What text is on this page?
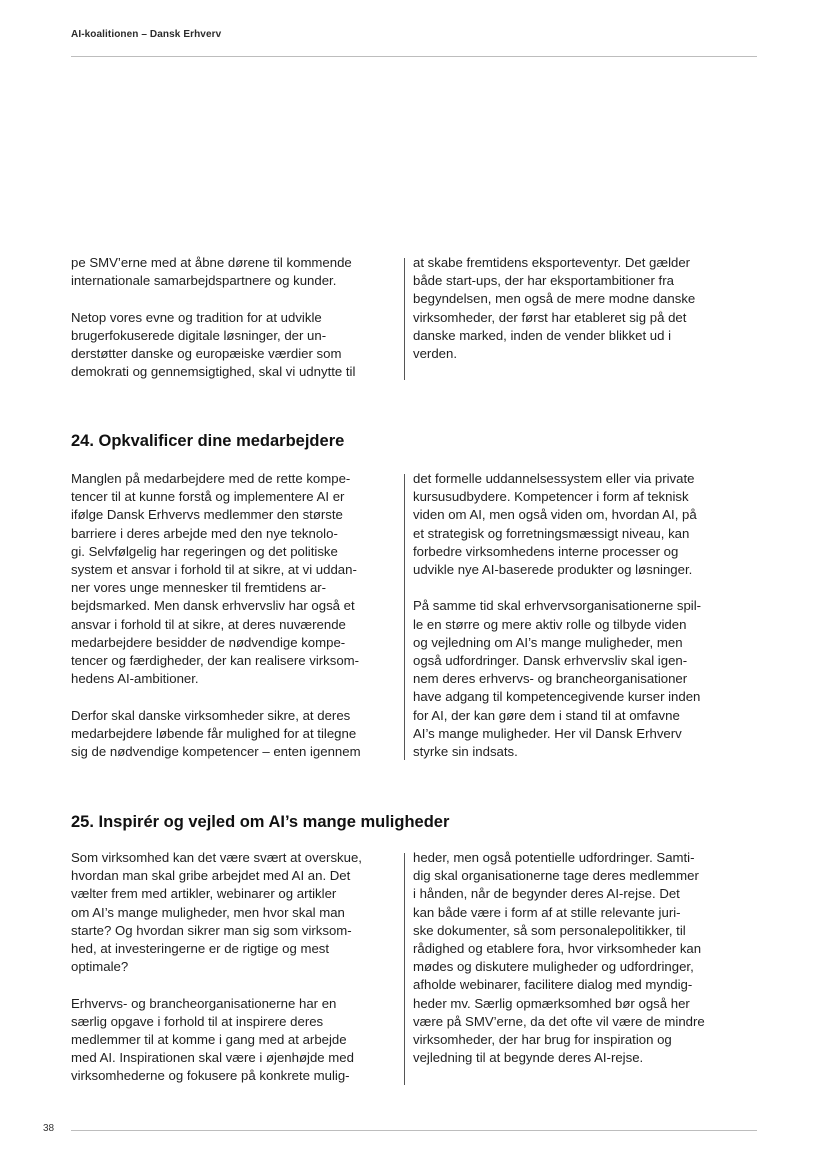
AI-koalitionen – Dansk Erhverv
pe SMV’erne med at åbne dørene til kommende
internationale samarbejdspartnere og kunder.
Netop vores evne og tradition for at udvikle
brugerfokuserede digitale løsninger, der un-
derstøtter danske og europæiske værdier som
demokrati og gennemsigtighed, skal vi udnytte til
at skabe fremtidens eksporteventyr. Det gælder
både start-ups, der har eksportambitioner fra
begyndelsen, men også de mere modne danske
virksomheder, der først har etableret sig på det
danske marked, inden de vender blikket ud i
verden.
24. Opkvalificer dine medarbejdere
Manglen på medarbejdere med de rette kompe-
tencer til at kunne forstå og implementere AI er
ifølge Dansk Erhvervs medlemmer den største
barriere i deres arbejde med den nye teknolo-
gi. Selvfølgelig har regeringen og det politiske
system et ansvar i forhold til at sikre, at vi uddan-
ner vores unge mennesker til fremtidens ar-
bejdsmarked. Men dansk erhvervsliv har også et
ansvar i forhold til at sikre, at deres nuværende
medarbejdere besidder de nødvendige kompe-
tencer og færdigheder, der kan realisere virksom-
hedens AI-ambitioner.
Derfor skal danske virksomheder sikre, at deres
medarbejdere løbende får mulighed for at tilegne
sig de nødvendige kompetencer – enten igennem
det formelle uddannelsessystem eller via private
kursusudbydere. Kompetencer i form af teknisk
viden om AI, men også viden om, hvordan AI, på
et strategisk og forretningsmæssigt niveau, kan
forbedre virksomhedens interne processer og
udvikle nye AI-baserede produkter og løsninger.
På samme tid skal erhvervsorganisationerne spil-
le en større og mere aktiv rolle og tilbyde viden
og vejledning om AI’s mange muligheder, men
også udfordringer. Dansk erhvervsliv skal igen-
nem deres erhvervs- og brancheorganisationer
have adgang til kompetencegivende kurser inden
for AI, der kan gøre dem i stand til at omfavne
AI’s mange muligheder. Her vil Dansk Erhverv
styrke sin indsats.
25. Inspirér og vejled om AI’s mange muligheder
Som virksomhed kan det være svært at overskue,
hvordan man skal gribe arbejdet med AI an. Det
vælter frem med artikler, webinarer og artikler
om AI’s mange muligheder, men hvor skal man
starte? Og hvordan sikrer man sig som virksom-
hed, at investeringerne er de rigtige og mest
optimale?
Erhvervs- og brancheorganisationerne har en
særlig opgave i forhold til at inspirere deres
medlemmer til at komme i gang med at arbejde
med AI. Inspirationen skal være i øjenhøjde med
virksomhederne og fokusere på konkrete mulig-
heder, men også potentielle udfordringer. Samti-
dig skal organisationerne tage deres medlemmer
i hånden, når de begynder deres AI-rejse. Det
kan både være i form af at stille relevante juri-
ske dokumenter, så som personalepolitikker, til
rådighed og etablere fora, hvor virksomheder kan
mødes og diskutere muligheder og udfordringer,
afholde webinarer, facilitere dialog med myndig-
heder mv. Særlig opmærksomhed bør også her
være på SMV’erne, da det ofte vil være de mindre
virksomheder, der har brug for inspiration og
vejledning til at begynde deres AI-rejse.
38
